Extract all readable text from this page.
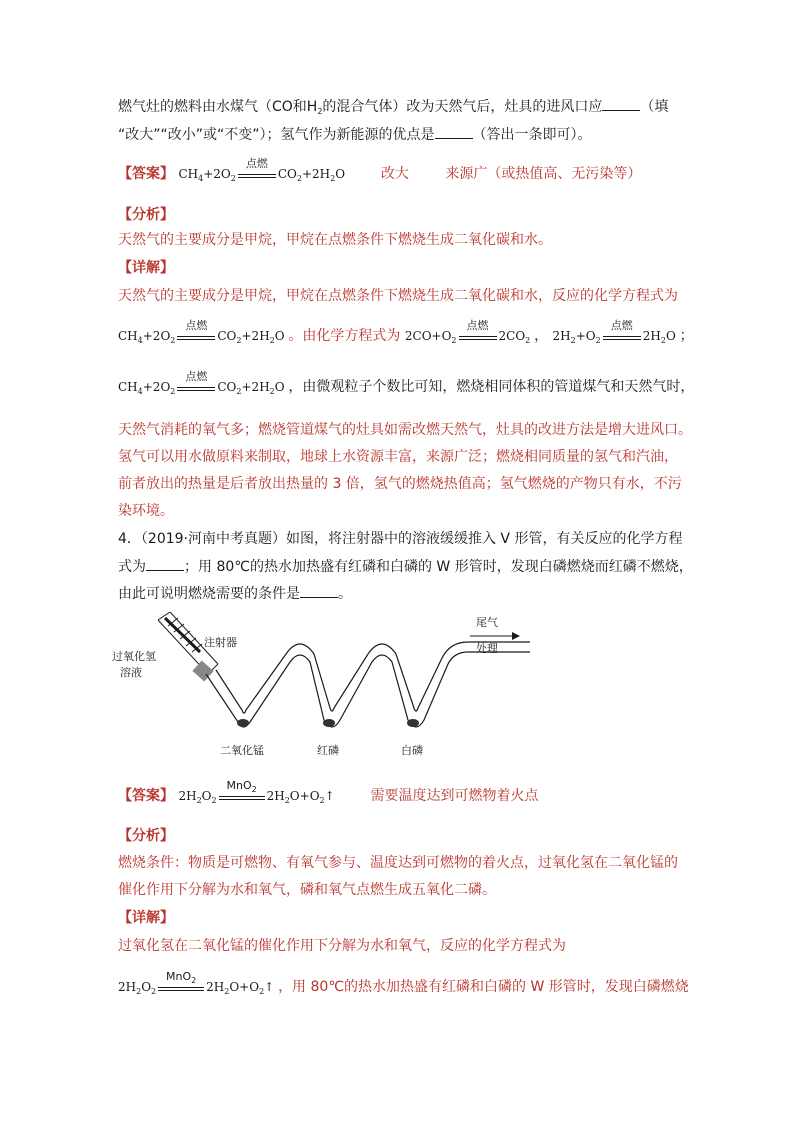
燃气灶的燃料由水煤气（CO和$H_2$的混合气体）改为天然气后，灶具的进风口应	（填
“改大”“改小”或“不变”）；氢气作为新能源的优点是	（答出一条即可）。
【答案】 $CH_4+2O_2$
点燃
$CO_2+2H_2O$	改大	来源广（或热值高、无污染等）
【分析】
天然气的主要成分是甲烷，甲烷在点燃条件下燃烧生成二氧化碳和水。
【详解】
天然气的主要成分是甲烷，甲烷在点燃条件下燃烧生成二氧化碳和水，反应的化学方程式为
$CH_4+2O_2$
点燃
$CO_2+2H_2O$ 。由化学方程式为 $2CO+O_2$
点燃
$2CO_2$ ， $2H_2+O_2$
点燃
$2H_2O$ ；
$CH_4+2O_2$
点燃
$CO_2+2H_2O$ ，由微观粒子个数比可知，燃烧相同体积的管道煤气和天然气时，
天然气消耗的氧气多；燃烧管道煤气的灶具如需改燃天然气，灶具的改进方法是增大进风口。
氢气可以用水做原料来制取，地球上水资源丰富，来源广泛；燃烧相同质量的氢气和汽油，
前者放出的热量是后者放出热量的 3 倍，氢气的燃烧热值高；氢气燃烧的产物只有水，不污
染环境。
4．（2019·河南中考真题）如图，将注射器中的溶液缓缓推入 V 形管，有关反应的化学方程
式为	；用 80℃的热水加热盛有红磷和白磷的 W 形管时，发现白磷燃烧而红磷不燃烧，
由此可说明燃烧需要的条件是	。
注射器
过氧化氢
溶液
尾气
处理
二氧化锰	红磷	白磷
【答案】 $2H_2O_2$
MnO$_2$ $2H_2O+O_2↑$	需要温度达到可燃物着火点
【分析】
燃烧条件：物质是可燃物、有氧气参与、温度达到可燃物的着火点，过氧化氢在二氧化锰的
催化作用下分解为水和氧气，磷和氧气点燃生成五氧化二磷。
【详解】
过氧化氢在二氧化锰的催化作用下分解为水和氧气，反应的化学方程式为
$2H_2O_2$
MnO$_2$ $2H_2O+O_2↑$ ，用 80℃的热水加热盛有红磷和白磷的 W 形管时，发现白磷燃烧
